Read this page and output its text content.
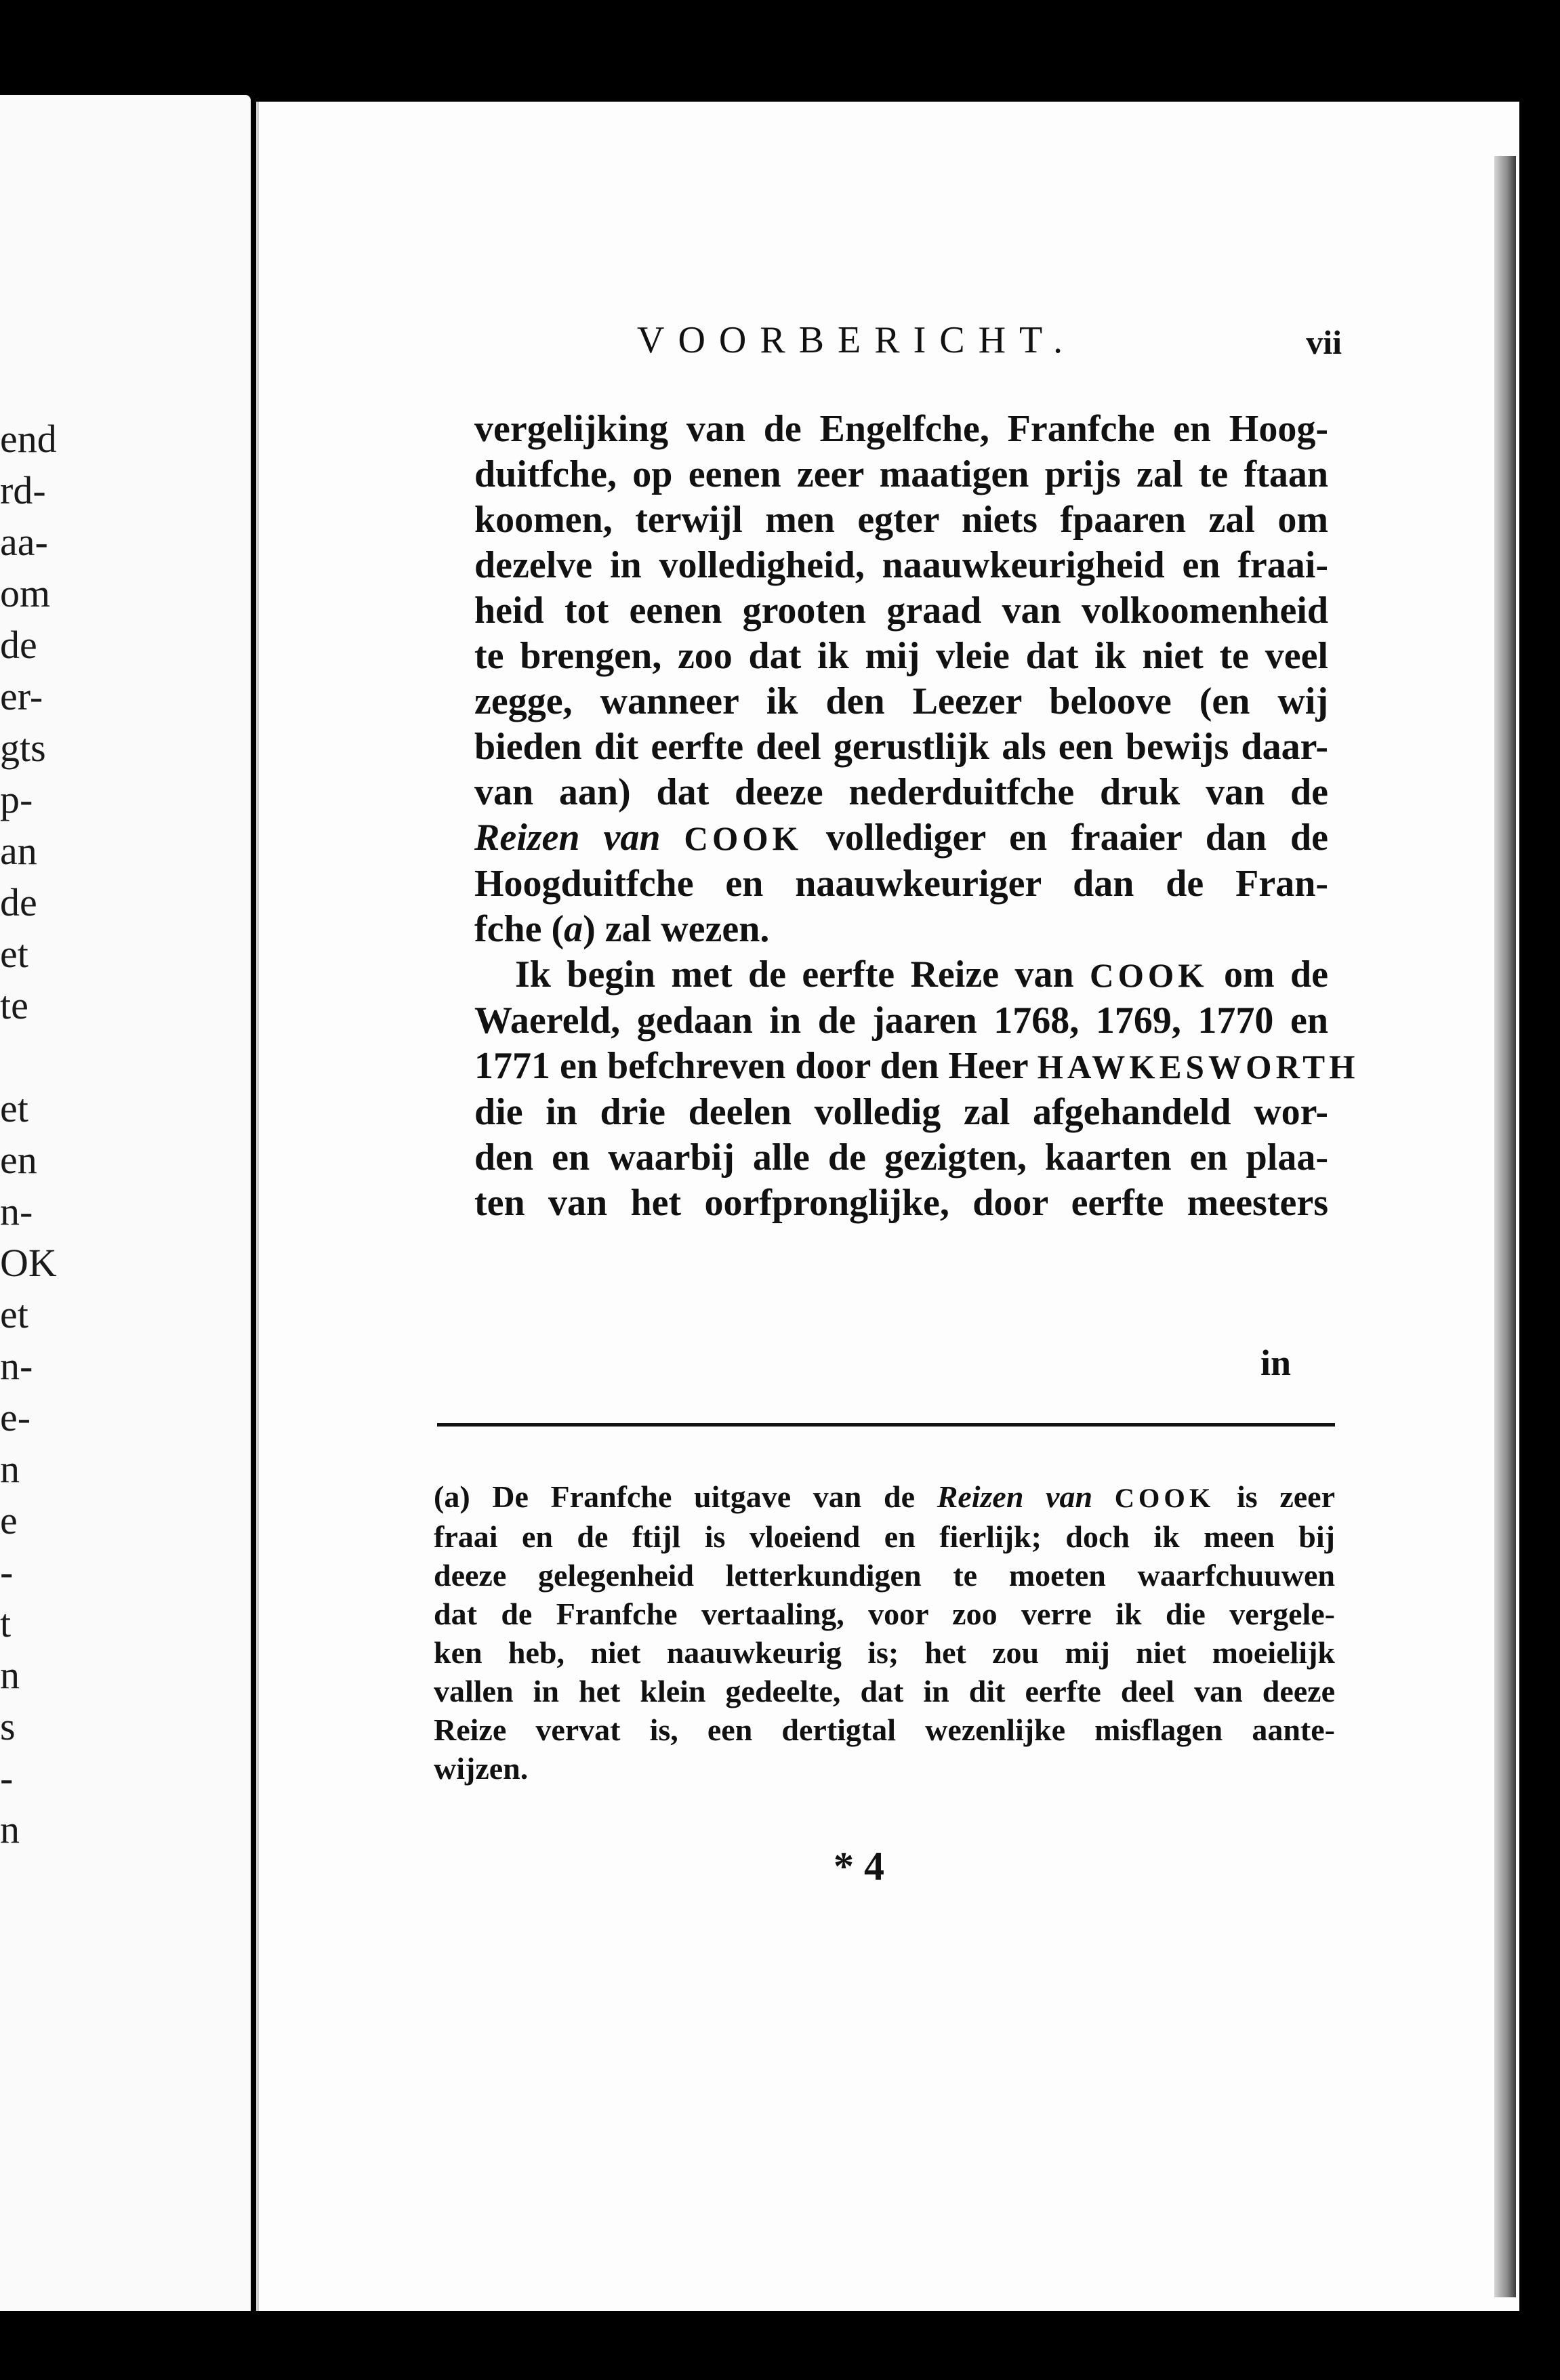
end
rd-
aa-
om
de
er-
gts
p-
an
de
et
te
et
en
n-
OK
et
n-
e-
n
e
-
t
n
s
-
n
VOORBERICHT.	vii
vergelijking van de Engelfche, Franfche en Hoog-
duitfche, op eenen zeer maatigen prijs zal te ftaan
koomen, terwijl men egter niets fpaaren zal om
dezelve in volledigheid, naauwkeurigheid en fraai-
heid tot eenen grooten graad van volkoomenheid
te brengen, zoo dat ik mij vleie dat ik niet te veel
zegge, wanneer ik den Leezer beloove (en wij
bieden dit eerfte deel gerustlijk als een bewijs daar-
van aan) dat deeze nederduitfche druk van de
Reizen van COOK vollediger en fraaier dan de
Hoogduitfche en naauwkeuriger dan de Fran-
fche (a) zal wezen.
Ik begin met de eerfte Reize van COOK om de
Waereld, gedaan in de jaaren 1768, 1769, 1770 en
1771 en befchreven door den Heer HAWKESWORTH
die in drie deelen volledig zal afgehandeld wor-
den en waarbij alle de gezigten, kaarten en plaa-
ten van het oorfpronglijke, door eerfte meesters
in
(a) De Franfche uitgave van de Reizen van COOK is zeer
fraai en de ftijl is vloeiend en fierlijk; doch ik meen bij
deeze gelegenheid letterkundigen te moeten waarfchuuwen
dat de Franfche vertaaling, voor zoo verre ik die vergele-
ken heb, niet naauwkeurig is; het zou mij niet moeielijk
vallen in het klein gedeelte, dat in dit eerfte deel van deeze
Reize vervat is, een dertigtal wezenlijke misflagen aante-
wijzen.
* 4
